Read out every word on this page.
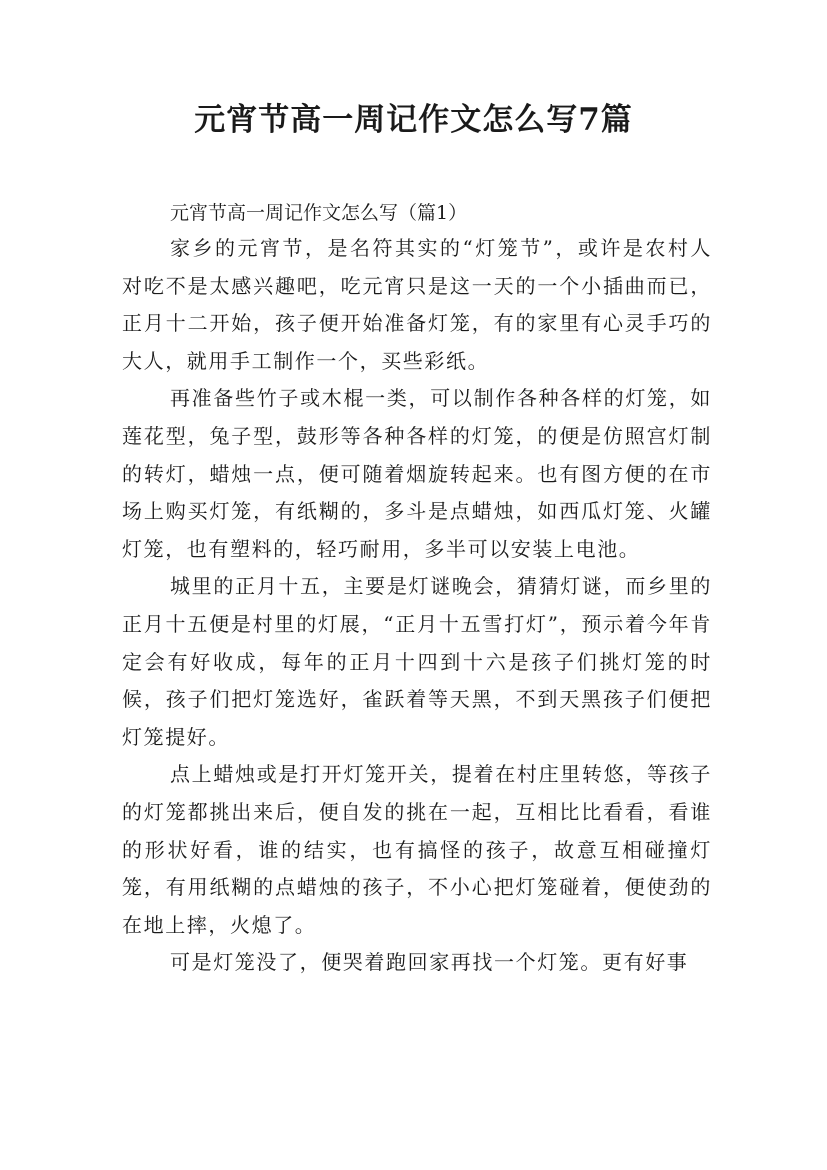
元宵节高一周记作文怎么写7篇

元宵节高一周记作文怎么写（篇1）

家乡的元宵节，是名符其实的“灯笼节”，或许是农村人对吃不是太感兴趣吧，吃元宵只是这一天的一个小插曲而已，正月十二开始，孩子便开始准备灯笼，有的家里有心灵手巧的大人，就用手工制作一个，买些彩纸。

再准备些竹子或木棍一类，可以制作各种各样的灯笼，如莲花型，兔子型，鼓形等各种各样的灯笼，的便是仿照宫灯制的转灯，蜡烛一点，便可随着烟旋转起来。也有图方便的在市场上购买灯笼，有纸糊的，多斗是点蜡烛，如西瓜灯笼、火罐灯笼，也有塑料的，轻巧耐用，多半可以安装上电池。

城里的正月十五，主要是灯谜晚会，猜猜灯谜，而乡里的正月十五便是村里的灯展，“正月十五雪打灯”，预示着今年肯定会有好收成，每年的正月十四到十六是孩子们挑灯笼的时候，孩子们把灯笼选好，雀跃着等天黑，不到天黑孩子们便把灯笼提好。

点上蜡烛或是打开灯笼开关，提着在村庄里转悠，等孩子的灯笼都挑出来后，便自发的挑在一起，互相比比看看，看谁的形状好看，谁的结实，也有搞怪的孩子，故意互相碰撞灯笼，有用纸糊的点蜡烛的孩子，不小心把灯笼碰着，便使劲的在地上摔，火熄了。

可是灯笼没了，便哭着跑回家再找一个灯笼。更有好事
